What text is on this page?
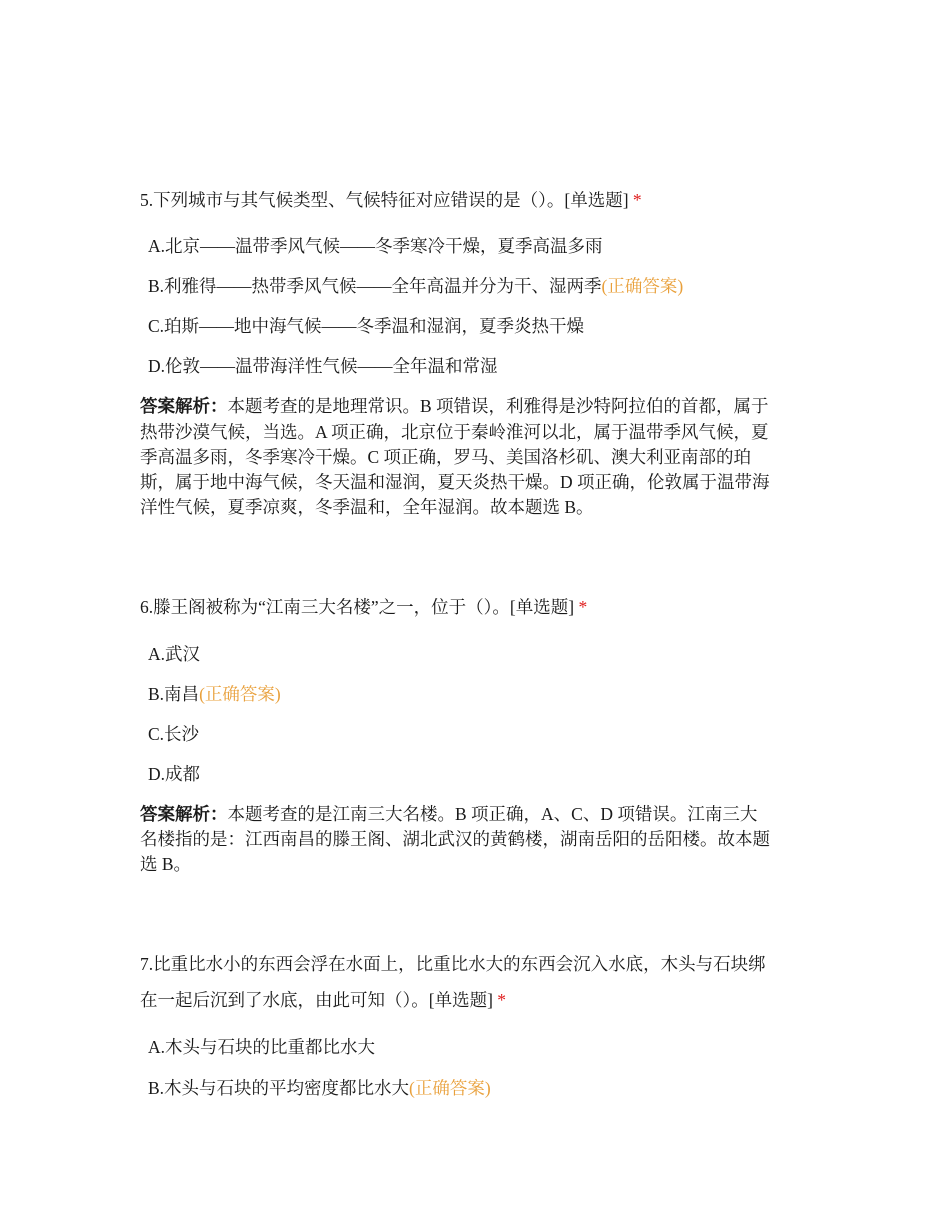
5.下列城市与其气候类型、气候特征对应错误的是（）。[单选题] *
A.北京——温带季风气候——冬季寒冷干燥，夏季高温多雨
B.利雅得——热带季风气候——全年高温并分为干、湿两季(正确答案)
C.珀斯——地中海气候——冬季温和湿润，夏季炎热干燥
D.伦敦——温带海洋性气候——全年温和常湿
答案解析：本题考查的是地理常识。B 项错误，利雅得是沙特阿拉伯的首都，属于
热带沙漠气候，当选。A 项正确，北京位于秦岭淮河以北，属于温带季风气候，夏
季高温多雨，冬季寒冷干燥。C 项正确，罗马、美国洛杉矶、澳大利亚南部的珀
斯，属于地中海气候，冬天温和湿润，夏天炎热干燥。D 项正确，伦敦属于温带海
洋性气候，夏季凉爽，冬季温和，全年湿润。故本题选 B。
6.滕王阁被称为“江南三大名楼”之一，位于（）。[单选题] *
A.武汉
B.南昌(正确答案)
C.长沙
D.成都
答案解析：本题考查的是江南三大名楼。B 项正确，A、C、D 项错误。江南三大
名楼指的是：江西南昌的滕王阁、湖北武汉的黄鹤楼，湖南岳阳的岳阳楼。故本题
选 B。
7.比重比水小的东西会浮在水面上，比重比水大的东西会沉入水底，木头与石块绑
在一起后沉到了水底，由此可知（）。[单选题] *
A.木头与石块的比重都比水大
B.木头与石块的平均密度都比水大(正确答案)
